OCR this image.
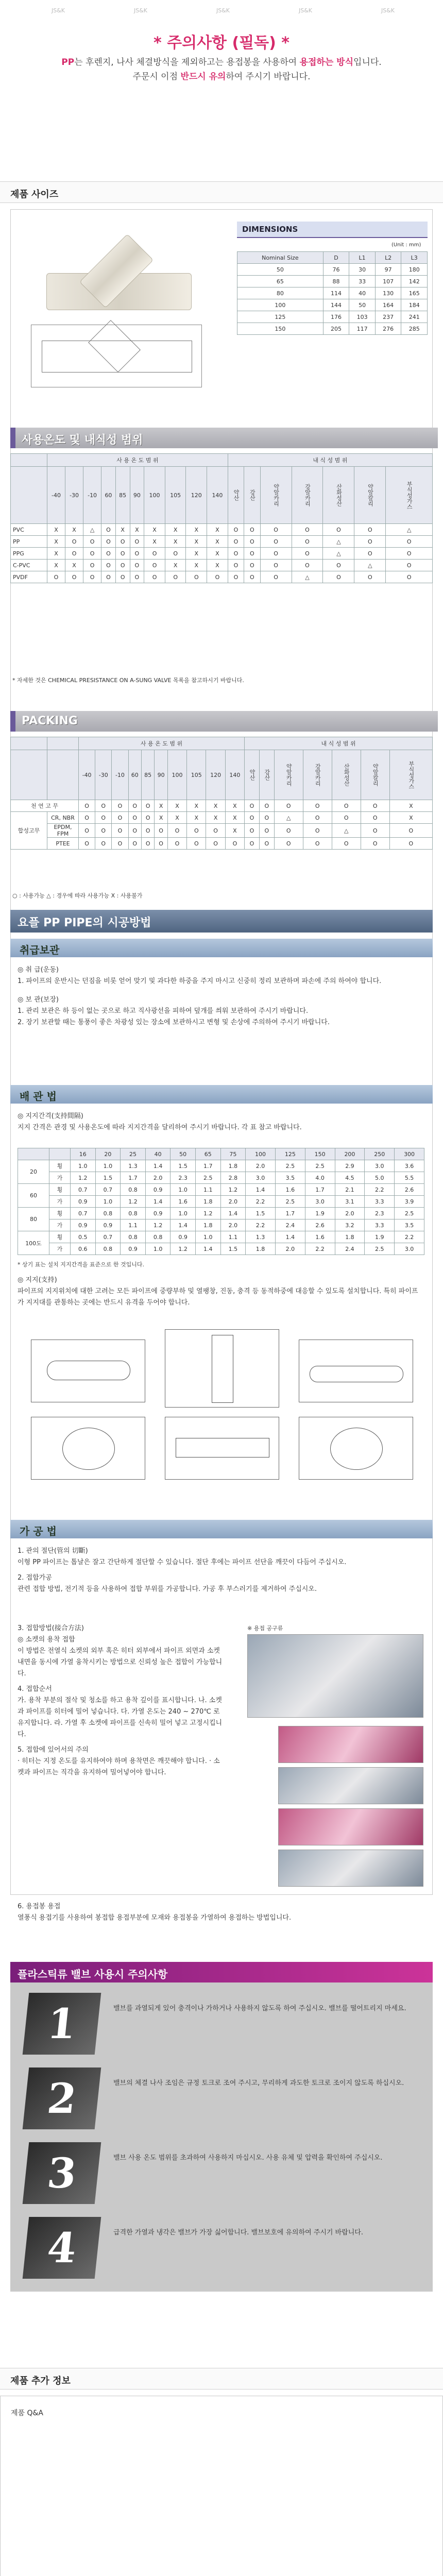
JS&K	JS&K	JS&K	JS&K	JS&K
* 주의사항 (필독) *
PP는 후렌지, 나사 체결방식을 제외하고는 용접봉을 사용하여 용접하는 방식입니다.
주문시 이점 반드시 유의하여 주시기 바랍니다.
제품 사이즈
DIMENSIONS
(Unit : mm)
Nominal Size	D	L1	L2	L3
50	76	30	97	180
65	88	33	107	142
80	114	40	130	165
100	144	50	164	184
125	176	103	237	241
150	205	117	276	285
사용온도 및 내식성 범위
	사 용 온 도 범 위										내 식 성 범 위						
	-40	-30	-10	60	85	90	100	105	120	140	약산	강산	약알카리	강알카리	산화성산	약알칼리	부식성가스
PVC	X	X	△	O	X	X	X	X	X	X	O	O	O	O	O	O	△
PP	X	O	O	O	O	O	X	X	X	X	O	O	O	O	△	O	O
PPG	X	O	O	O	O	O	O	O	X	X	O	O	O	O	△	O	O
C-PVC	X	X	O	O	O	O	O	X	X	X	O	O	O	O	O	△	O
PVDF	O	O	O	O	O	O	O	O	O	O	O	O	O	△	O	O	O
* 자세한 것은 CHEMICAL PRESISTANCE ON A-SUNG VALVE 목록을 참고하시기 바랍니다.
PACKING
		사 용 온 도 범 위										내 식 성 범 위						
		-40	-30	-10	60	85	90	100	105	120	140	약산	강산	약알카리	강알카리	산화성산	약알칼리	부식성가스
천 연 고 무		O	O	O	O	O	X	X	X	X	X	O	O	O	O	O	O	X
합성고무	CR, NBR	O	O	O	O	O	X	X	X	X	X	O	O	△	O	O	O	X
	EPDM, FPM	O	O	O	O	O	O	O	O	O	X	O	O	O	O	△	O	O
	PTEE	O	O	O	O	O	O	O	O	O	O	O	O	O	O	O	O	O
○ : 사용가능 △ : 경우에 따라 사용가능 X : 사용불가
요플 PP PIPE의 시공방법
취급보관
◎ 취 급(운동)
1. 파이프의 운반시는 던짐을 비롯 얻어 맞기 및 과다한 하중을 주지 마시고 신중히 정리 보관하며 파손에 주의 하여야 합니다.
◎ 보 관(보장)
1. 관리 보관은 하 등이 없는 곳으로 하고 직사광선을 피하여 덮개를 씌워 보관하여 주시기 바랍니다.
2. 장기 보관할 때는 통풍이 좋은 차광성 있는 장소에 보관하시고 변형 및 손상에 주의하여 주시기 바랍니다.
배 관 법
◎ 지지간격(支持間隔)
지지 간격은 관경 및 사용온도에 따라 지지간격을 달리하여 주시기 바랍니다. 각 표 참고 바랍니다.
		16	20	25	40	50	65	75	100	125	150	200	250	300
20	횡	1.0	1.0	1.3	1.4	1.5	1.7	1.8	2.0	2.5	2.5	2.9	3.0	3.6
	가	1.2	1.5	1.7	2.0	2.3	2.5	2.8	3.0	3.5	4.0	4.5	5.0	5.5
60	횡	0.7	0.7	0.8	0.9	1.0	1.1	1.2	1.4	1.6	1.7	2.1	2.2	2.6
	가	0.9	1.0	1.2	1.4	1.6	1.8	2.0	2.2	2.5	3.0	3.1	3.3	3.9
80	횡	0.7	0.8	0.8	0.9	1.0	1.2	1.4	1.5	1.7	1.9	2.0	2.3	2.5
	가	0.9	0.9	1.1	1.2	1.4	1.8	2.0	2.2	2.4	2.6	3.2	3.3	3.5
100도	횡	0.5	0.7	0.8	0.8	0.9	1.0	1.1	1.3	1.4	1.6	1.8	1.9	2.2
	가	0.6	0.8	0.9	1.0	1.2	1.4	1.5	1.8	2.0	2.2	2.4	2.5	3.0
* 상기 표는 설치 지지간격을 표준으로 한 것입니다.
◎ 지지(支持)
파이프의 지지위치에 대한 고려는 모든 파이프에 중량부하 및 열팽창, 진동, 충격 등 동적하중에 대응할 수 있도록 설치합니다. 특히 파이프가 지지대를 관통하는 곳에는 반드시 유격을 두어야 합니다.
가 공 법
1. 관의 절단(管의 切斷)
이형 PP 파이프는 톱날은 잘고 간단하게 절단할 수 있습니다. 절단 후에는 파이프 선단을 깨끗이 다듬어 주십시오.
2. 접합가공
관련 접합 방법, 전기적 등을 사용하여 접합 부위를 가공합니다. 가공 후 부스러기를 제거하여 주십시오.
3. 접합방법(接合方法)
◎ 소켓의 용착 접합
이 방법은 전열식 소켓의 외부 혹은 히터 외부에서 파이프 외면과 소켓 내면을 동시에 가열 융착시키는 방법으로 신뢰성 높은 접합이 가능합니다.
4. 접합순서
가. 용착 부분의 절삭 및 청소를 하고 용착 깊이를 표시합니다. 나. 소켓과 파이프를 히터에 밀어 넣습니다. 다. 가열 온도는 240 ~ 270℃ 로 유지합니다. 라. 가열 후 소켓에 파이프를 신속히 밀어 넣고 고정시킵니다.
5. 접합에 있어서의 주의
· 히터는 지정 온도를 유지하여야 하며 용착면은 깨끗해야 합니다. · 소켓과 파이프는 직각을 유지하여 밀어넣어야 합니다.
※ 용접 공구류
6. 용접봉 용접
열풍식 용접기를 사용하여 봉접합 용접부분에 모재와 용접봉을 가열하여 용접하는 방법입니다.
플라스틱류 밸브 사용시 주의사항
1	밸브를 과열되게 있어 충격이나 가하거나 사용하지 않도록 하여 주십시오. 밸브를 떨어트리지 마세요.
2	밸브의 체결 나사 조임은 규정 토크로 조여 주시고, 무리하게 과도한 토크로 조이지 않도록 하십시오.
3	밸브 사용 온도 범위를 초과하여 사용하지 마십시오. 사용 유체 및 압력을 확인하여 주십시오.
4	급격한 가열과 냉각은 밸브가 가장 싫어합니다. 밸브보호에 유의하여 주시기 바랍니다.
제품 추가 정보
제품 Q&A
